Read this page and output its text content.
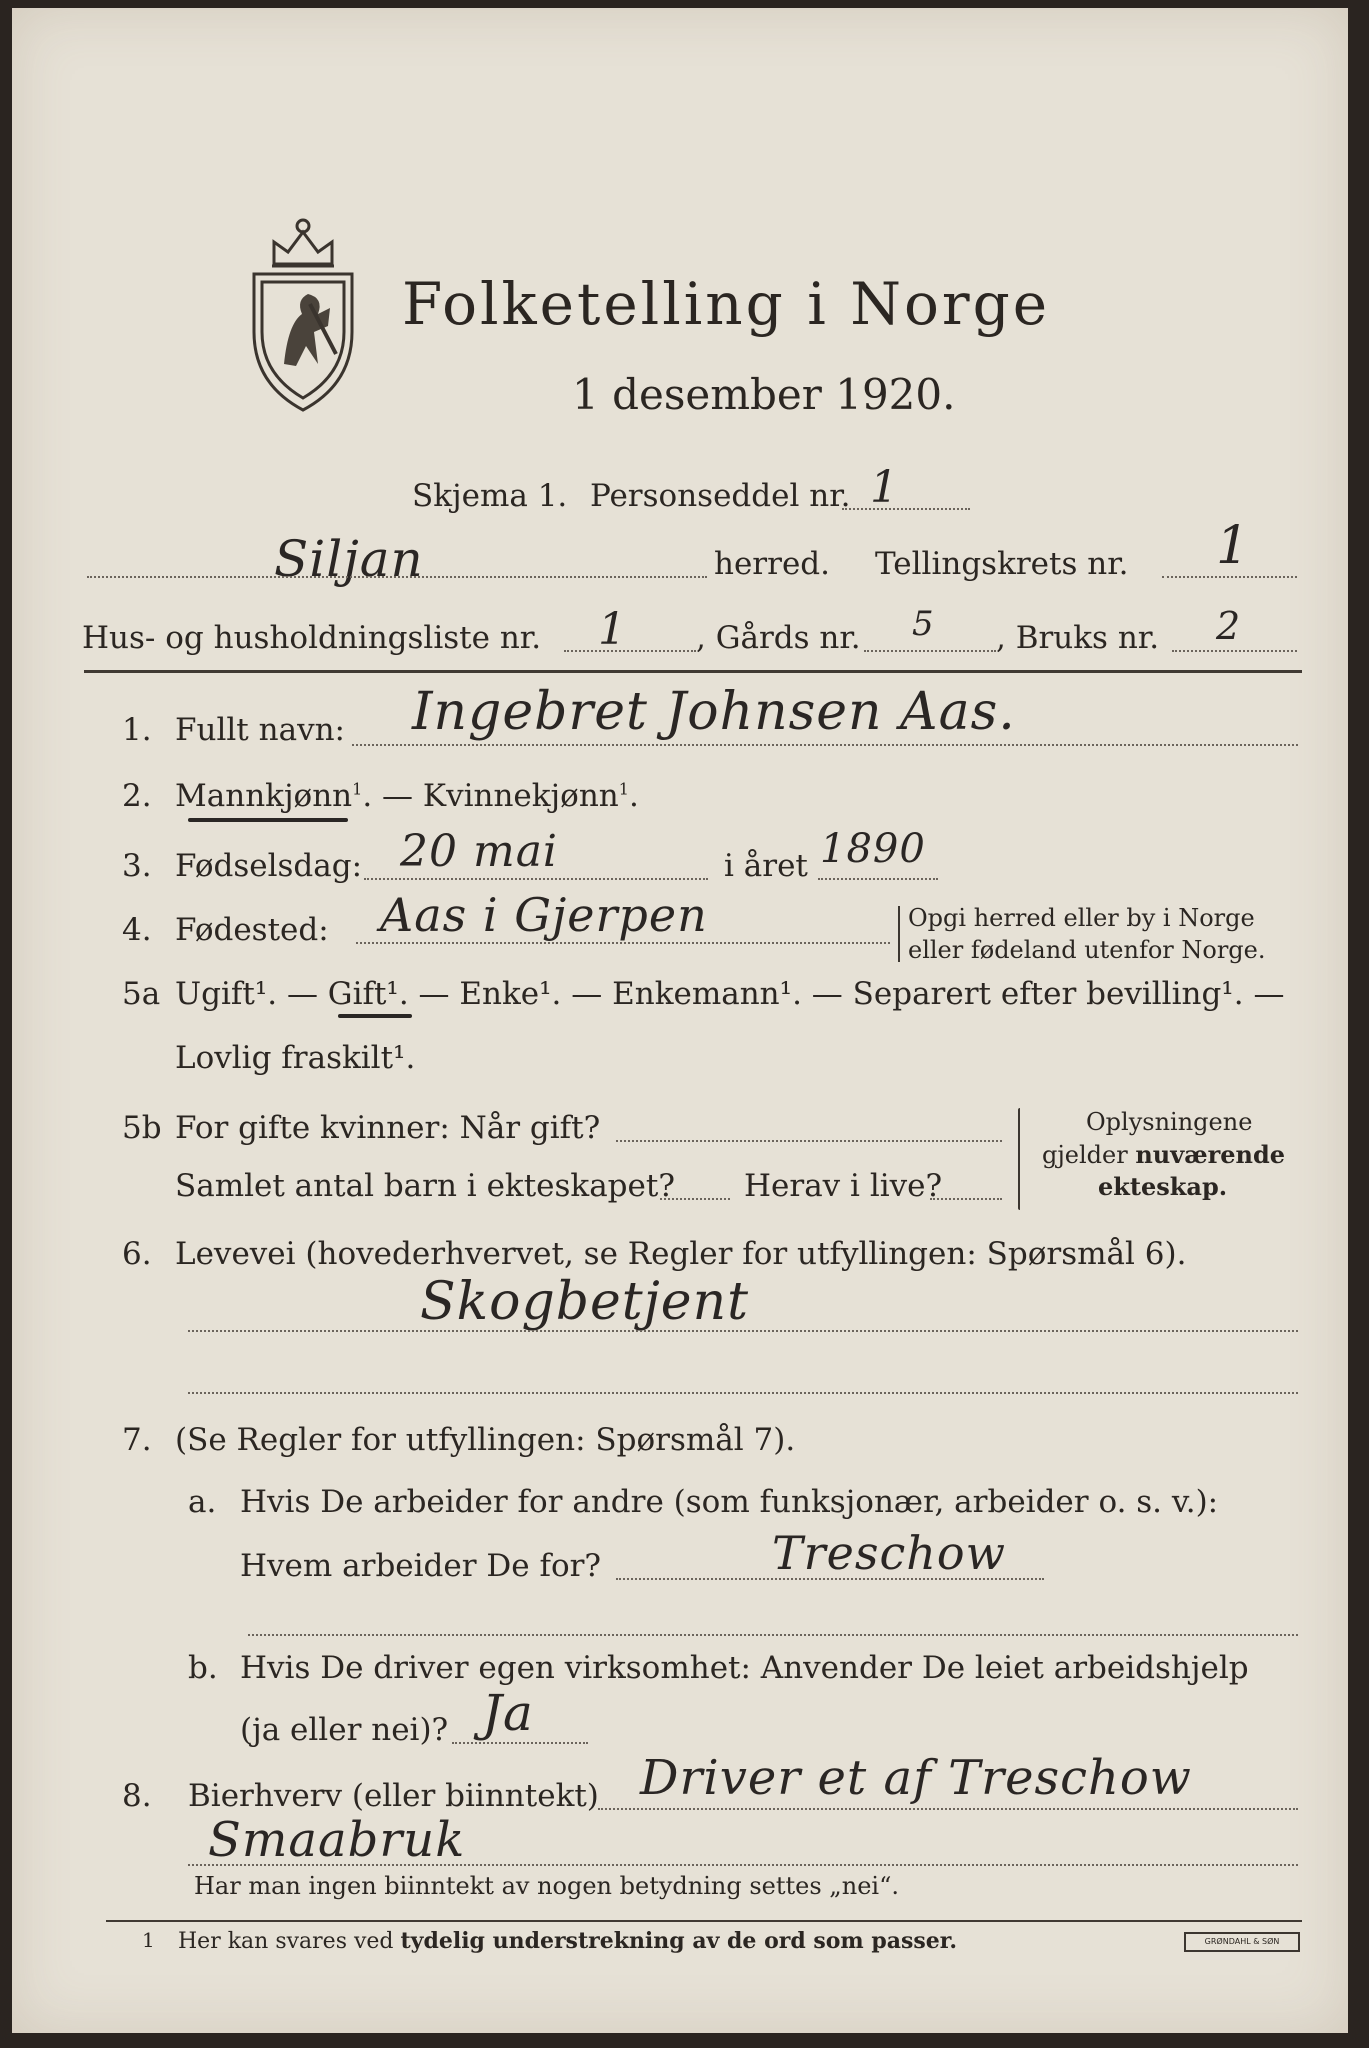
Folketelling i Norge
1 desember 1920.
Skjema 1. Personseddel nr. 1
Siljan	herred. Tellingskrets nr. 1
Hus- og husholdningsliste nr. 1 , Gårds nr. 5 , Bruks nr. 2
1. Fullt navn: Ingebret Johnsen Aas.
2. Mannkjønn$^1$. — Kvinnekjønn$^1$.
3. Fødselsdag: 20 mai	i året 1890
4. Fødested: Aas i Gjerpen	Opgi herred eller by i Norge
eller fødeland utenfor Norge.
5a Ugift¹. — Gift¹. — Enke¹. — Enkemann¹. — Separert efter bevilling¹. —
Lovlig fraskilt¹.
5b For gifte kvinner: Når gift?
Samlet antal barn i ekteskapet? Herav i live?
Oplysningene
gjelder nuværende
ekteskap.
6. Levevei (hovederhvervet, se Regler for utfyllingen: Spørsmål 6).
Skogbetjent
7. (Se Regler for utfyllingen: Spørsmål 7).
a. Hvis De arbeider for andre (som funksjonær, arbeider o. s. v.):
Hvem arbeider De for?	Treschow
b. Hvis De driver egen virksomhet: Anvender De leiet arbeidshjelp
(ja eller nei)? Ja
8. Bierhverv (eller biinntekt) Driver et af Treschow
Smaabruk
Har man ingen biinntekt av nogen betydning settes „nei“.
1 Her kan svares ved tydelig understrekning av de ord som passer.	GRØNDAHL & SØN
